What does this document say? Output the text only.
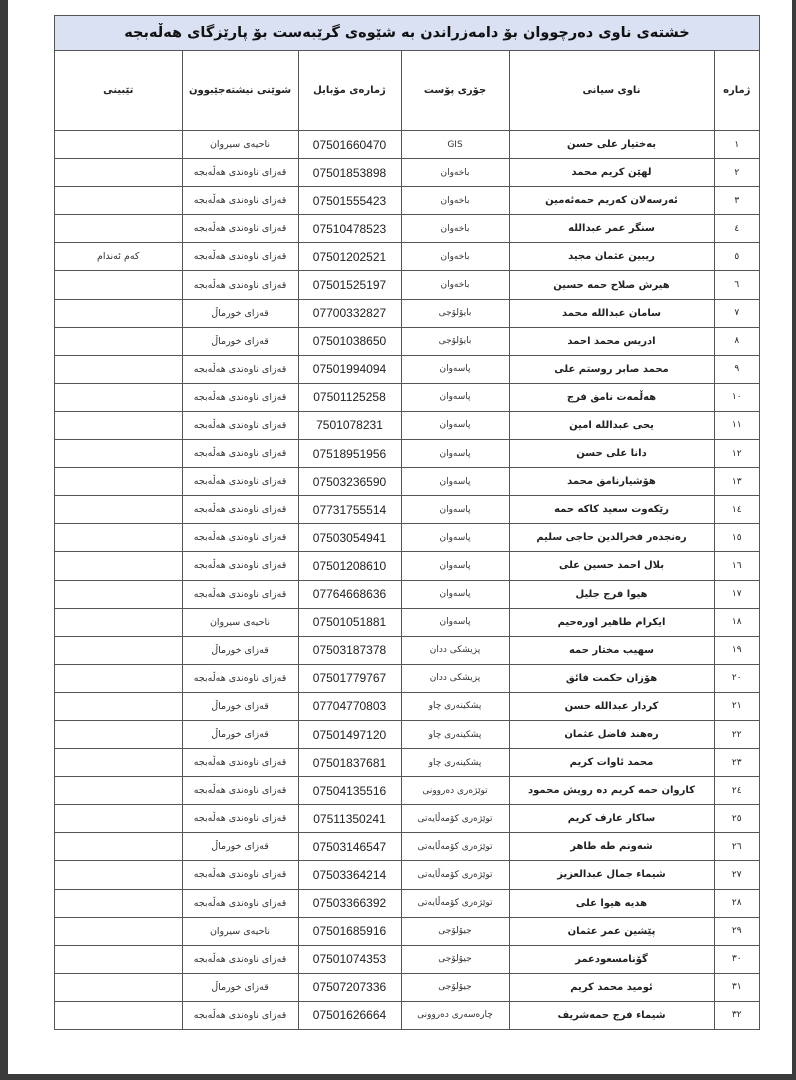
خشتەی ناوی دەرچووان بۆ دامەزراندن بە شێوەی گرێبەست بۆ پارێزگای هەڵەبجە
ژمارە	ناوی سیانی	جۆری پۆست	ژمارەی مۆبایل	شوێنی نیشتەجێبوون	تێبینی
١	بەختیار علی حسن	GIS	07501660470	ناحیەی سیروان	
٢	لهێن کریم محمد	باخەوان	07501853898	قەزای ناوەندی هەڵەبجە	
٣	ئەرسەلان کەریم حمەئەمین	باخەوان	07501555423	قەزای ناوەندی هەڵەبجە	
٤	سنگر عمر عبداللە	باخەوان	07510478523	قەزای ناوەندی هەڵەبجە	
٥	ریبین عثمان مجید	باخەوان	07501202521	قەزای ناوەندی هەڵەبجە	کەم ئەندام
٦	هیرش صلاح حمە حسین	باخەوان	07501525197	قەزای ناوەندی هەڵەبجە	
٧	سامان عبداللە محمد	بایۆلۆجی	07700332827	قەزای خورماڵ	
٨	ادریس محمد احمد	بایۆلۆجی	07501038650	قەزای خورماڵ	
٩	محمد صابر روستم علی	پاسەوان	07501994094	قەزای ناوەندی هەڵەبجە	
١٠	هەڵمەت نامق فرج	پاسەوان	07501125258	قەزای ناوەندی هەڵەبجە	
١١	یحی عبداللە امین	پاسەوان	7501078231	قەزای ناوەندی هەڵەبجە	
١٢	دانا علی حسن	پاسەوان	07518951956	قەزای ناوەندی هەڵەبجە	
١٣	هۆشیارنامق محمد	پاسەوان	07503236590	قەزای ناوەندی هەڵەبجە	
١٤	رێکەوت سعید کاکە حمە	پاسەوان	07731755514	قەزای ناوەندی هەڵەبجە	
١٥	رەنجدەر فخرالدین حاجی سلیم	پاسەوان	07503054941	قەزای ناوەندی هەڵەبجە	
١٦	بلال احمد حسین علی	پاسەوان	07501208610	قەزای ناوەندی هەڵەبجە	
١٧	هیوا فرج جلیل	پاسەوان	07764668636	قەزای ناوەندی هەڵەبجە	
١٨	ایکرام طاهیر اورەحیم	پاسەوان	07501051881	ناحیەی سیروان	
١٩	سهیب مختار حمە	پزیشکی ددان	07503187378	قەزای خورماڵ	
٢٠	هۆزان حکمت فائق	پزیشکی ددان	07501779767	قەزای ناوەندی هەڵەبجە	
٢١	کردار عبداللە حسن	پشکینەری چاو	07704770803	قەزای خورماڵ	
٢٢	رەهند فاضل عثمان	پشکینەری چاو	07501497120	قەزای خورماڵ	
٢٣	محمد ئاوات کریم	پشکینەری چاو	07501837681	قەزای ناوەندی هەڵەبجە	
٢٤	کاروان حمە کریم دە رویش محمود	توێژەری دەروونی	07504135516	قەزای ناوەندی هەڵەبجە	
٢٥	ساکار عارف کریم	توێژەری کۆمەڵایەتی	07511350241	قەزای ناوەندی هەڵەبجە	
٢٦	شەونم طە طاهر	توێژەری کۆمەڵایەتی	07503146547	قەزای خورماڵ	
٢٧	شیماء جمال عبدالعزیز	توێژەری کۆمەڵایەتی	07503364214	قەزای ناوەندی هەڵەبجە	
٢٨	هدیە هیوا علی	توێژەری کۆمەڵایەتی	07503366392	قەزای ناوەندی هەڵەبجە	
٢٩	پێشین عمر عثمان	جیۆلۆجی	07501685916	ناحیەی سیروان	
٣٠	گۆنامسعودعمر	جیۆلۆجی	07501074353	قەزای ناوەندی هەڵەبجە	
٣١	ئومید محمد کریم	جیۆلۆجی	07507207336	قەزای خورماڵ	
٣٢	شیماء فرج حمەشریف	چارەسەری دەروونی	07501626664	قەزای ناوەندی هەڵەبجە	
